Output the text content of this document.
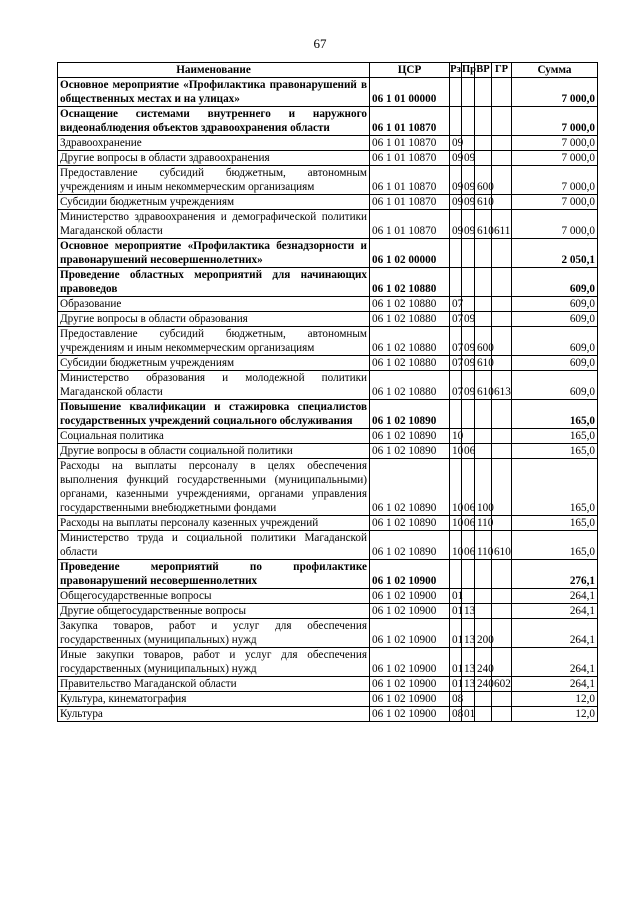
67
Наименование	ЦСР	Рз	Пр	ВР	ГР	Сумма
Основное мероприятие «Профилактика правонарушений в общественных местах и на улицах»	06 1 01 00000					7 000,0
Оснащение системами внутреннего и наружного видеонаблюдения объектов здравоохранения области	06 1 01 10870					7 000,0
Здравоохранение	06 1 01 10870	09				7 000,0
Другие вопросы в области здравоохранения	06 1 01 10870	09	09			7 000,0
Предоставление субсидий бюджетным, автономным учреждениям и иным некоммерческим организациям	06 1 01 10870	09	09	600		7 000,0
Субсидии бюджетным учреждениям	06 1 01 10870	09	09	610		7 000,0
Министерство здравоохранения и демографической политики Магаданской области	06 1 01 10870	09	09	610	611	7 000,0
Основное мероприятие «Профилактика безнадзорности и правонарушений несовершеннолетних»	06 1 02 00000					2 050,1
Проведение областных мероприятий для начинающих правоведов	06 1 02 10880					609,0
Образование	06 1 02 10880	07				609,0
Другие вопросы в области образования	06 1 02 10880	07	09			609,0
Предоставление субсидий бюджетным, автономным учреждениям и иным некоммерческим организациям	06 1 02 10880	07	09	600		609,0
Субсидии бюджетным учреждениям	06 1 02 10880	07	09	610		609,0
Министерство образования и молодежной политики Магаданской области	06 1 02 10880	07	09	610	613	609,0
Повышение квалификации и стажировка специалистов государственных учреждений социального обслуживания	06 1 02 10890					165,0
Социальная политика	06 1 02 10890	10				165,0
Другие вопросы в области социальной политики	06 1 02 10890	10	06			165,0
Расходы на выплаты персоналу в целях обеспечения выполнения функций государственными (муниципальными) органами, казенными учреждениями, органами управления государственными внебюджетными фондами	06 1 02 10890	10	06	100		165,0
Расходы на выплаты персоналу казенных учреждений	06 1 02 10890	10	06	110		165,0
Министерство труда и социальной политики Магаданской области	06 1 02 10890	10	06	110	610	165,0
Проведение мероприятий по профилактике правонарушений несовершеннолетних	06 1 02 10900					276,1
Общегосударственные вопросы	06 1 02 10900	01				264,1
Другие общегосударственные вопросы	06 1 02 10900	01	13			264,1
Закупка товаров, работ и услуг для обеспечения государственных (муниципальных) нужд	06 1 02 10900	01	13	200		264,1
Иные закупки товаров, работ и услуг для обеспечения государственных (муниципальных) нужд	06 1 02 10900	01	13	240		264,1
Правительство Магаданской области	06 1 02 10900	01	13	240	602	264,1
Культура, кинематография	06 1 02 10900	08				12,0
Культура	06 1 02 10900	08	01			12,0
